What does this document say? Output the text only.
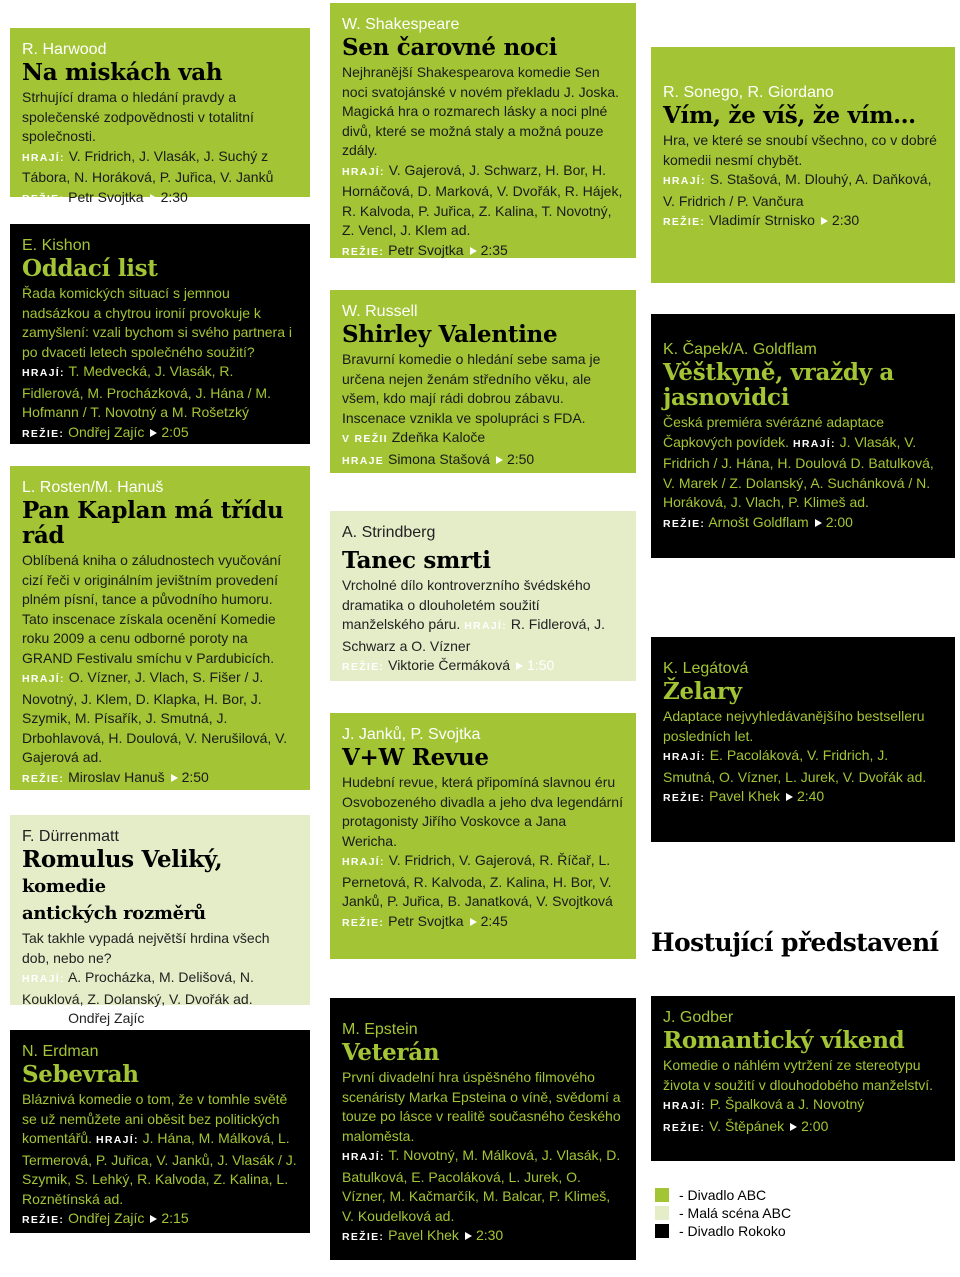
R. Harwood
Na miskách vah
Strhující drama o hledání pravdy a společenské zodpovědnosti v totalitní společnosti.
HRAJÍ: V. Fridrich, J. Vlasák, J. Suchý z Tábora, N. Horáková, P. Juřica, V. Janků
REŽIE: Petr Svojtka 2:30
E. Kishon
Oddací list
Řada komických situací s jemnou nadsázkou a chytrou ironií provokuje k zamyšlení: vzali bychom si svého partnera i po dvaceti letech společného soužití? HRAJÍ: T. Medvecká, J. Vlasák, R. Fidlerová, M. Procházková, J. Hána / M. Hofmann / T. Novotný a M. Rošetzký
REŽIE: Ondřej Zajíc 2:05
L. Rosten/M. Hanuš
Pan Kaplan má třídu rád
Oblíbená kniha o záludnostech vyučování cizí řeči v originálním jevištním provedení plném písní, tance a původního humoru. Tato inscenace získala ocenění Komedie roku 2009 a cenu odborné poroty na GRAND Festivalu smíchu v Pardubicích.
HRAJÍ: O. Vízner, J. Vlach, S. Fišer / J. Novotný, J. Klem, D. Klapka, H. Bor, J. Szymik, M. Písařík, J. Smutná, J. Drbohlavová, H. Doulová, V. Nerušilová, V. Gajerová ad.
REŽIE: Miroslav Hanuš 2:50
F. Dürrenmatt
Romulus Veliký, komedie
antických rozměrů
Tak takhle vypadá největší hrdina všech dob, nebo ne?
HRAJÍ: A. Procházka, M. Delišová, N. Kouklová, Z. Dolanský, V. Dvořák ad.
REŽIE: Ondřej Zajíc 2:20
N. Erdman
Sebevrah
Bláznivá komedie o tom, že v tomhle světě se už nemůžete ani oběsit bez politických komentářů. HRAJÍ: J. Hána, M. Málková, L. Termerová, P. Juřica, V. Janků, J. Vlasák / J. Szymik, S. Lehký, R. Kalvoda, Z. Kalina, L. Roznětínská ad.
REŽIE: Ondřej Zajíc 2:15
W. Shakespeare
Sen čarovné noci
Nejhranější Shakespearova komedie Sen noci svatojánské v novém překladu J. Joska. Magická hra o rozmarech lásky a noci plné divů, které se možná staly a možná pouze zdály.
HRAJÍ: V. Gajerová, J. Schwarz, H. Bor, H. Hornáčová, D. Marková, V. Dvořák, R. Hájek, R. Kalvoda, P. Juřica, Z. Kalina, T. Novotný, Z. Vencl, J. Klem ad.
REŽIE: Petr Svojtka 2:35
W. Russell
Shirley Valentine
Bravurní komedie o hledání sebe sama je určena nejen ženám středního věku, ale všem, kdo mají rádi dobrou zábavu. Inscenace vznikla ve spolupráci s FDA.
V REŽII Zdeňka Kaloče
HRAJE Simona Stašová 2:50
A. Strindberg
Tanec smrti
Vrcholné dílo kontroverzního švédského dramatika o dlouholetém soužití manželského páru. HRAJÍ: R. Fidlerová, J. Schwarz a O. Vízner
REŽIE: Viktorie Čermáková 1:50
J. Janků, P. Svojtka
V+W Revue
Hudební revue, která připomíná slavnou éru Osvobozeného divadla a jeho dva legendární protagonisty Jiřího Voskovce a Jana Wericha.
HRAJÍ: V. Fridrich, V. Gajerová, R. Říčař, L. Pernetová, R. Kalvoda, Z. Kalina, H. Bor, V. Janků, P. Juřica, B. Janatková, V. Svojtková
REŽIE: Petr Svojtka 2:45
M. Epstein
Veterán
První divadelní hra úspěšného filmového scenáristy Marka Epsteina o víně, svědomí a touze po lásce v realitě současného českého maloměsta.
HRAJÍ: T. Novotný, M. Málková, J. Vlasák, D. Batulková, E. Pacoláková, L. Jurek, O. Vízner, M. Kačmarčík, M. Balcar, P. Klimeš, V. Koudelková ad.
REŽIE: Pavel Khek 2:30
R. Sonego, R. Giordano
Vím, že víš, že vím…
Hra, ve které se snoubí všechno, co v dobré komedii nesmí chybět.
HRAJÍ: S. Stašová, M. Dlouhý, A. Daňková, V. Fridrich / P. Vančura
REŽIE: Vladimír Strnisko 2:30
K. Čapek/A. Goldflam
Věštkyně, vraždy a jasnovidci
Česká premiéra svérázné adaptace Čapkových povídek. HRAJÍ: J. Vlasák, V. Fridrich / J. Hána, H. Doulová D. Batulková, V. Marek / Z. Dolanský, A. Suchánková / N. Horáková, J. Vlach, P. Klimeš ad.
REŽIE: Arnošt Goldflam 2:00
K. Legátová
Želary
Adaptace nejvyhledávanějšího bestselleru posledních let.
HRAJÍ: E. Pacoláková, V. Fridrich, J. Smutná, O. Vízner, L. Jurek, V. Dvořák ad.
REŽIE: Pavel Khek 2:40
Hostující představení
J. Godber
Romantický víkend
Komedie o náhlém vytržení ze stereotypu života v soužití v dlouhodobého manželství.
HRAJÍ: P. Špalková a J. Novotný
REŽIE: V. Štěpánek 2:00
- Divadlo ABC
- Malá scéna ABC
- Divadlo Rokoko
